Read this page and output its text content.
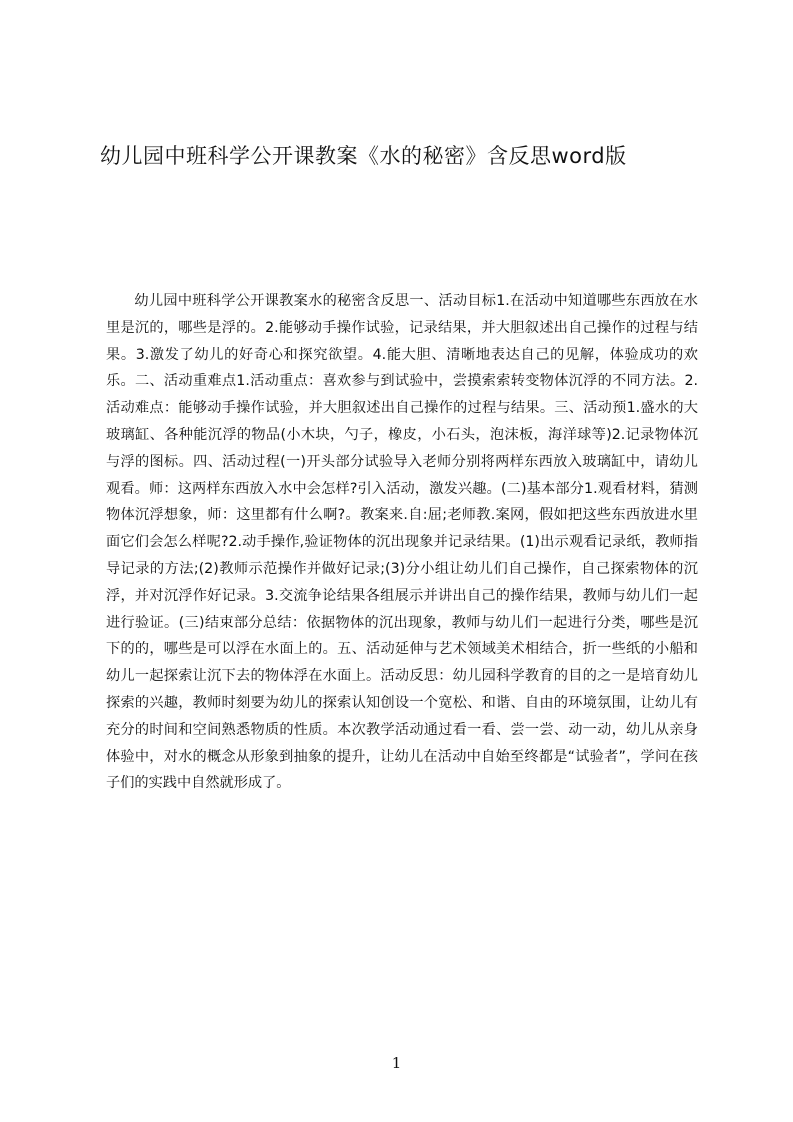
幼儿园中班科学公开课教案《水的秘密》含反思word版

幼儿园中班科学公开课教案水的秘密含反思一、活动目标1.在活动中知道哪些东西放在水里是沉的，哪些是浮的。2.能够动手操作试验，记录结果，并大胆叙述出自己操作的过程与结果。3.激发了幼儿的好奇心和探究欲望。4.能大胆、清晰地表达自己的见解，体验成功的欢乐。二、活动重难点1.活动重点：喜欢参与到试验中，尝摸索索转变物体沉浮的不同方法。2.活动难点：能够动手操作试验，并大胆叙述出自己操作的过程与结果。三、活动预1.盛水的大玻璃缸、各种能沉浮的物品(小木块，勺子，橡皮，小石头，泡沫板，海洋球等)2.记录物体沉与浮的图标。四、活动过程(一)开头部分试验导入老师分别将两样东西放入玻璃缸中，请幼儿观看。师：这两样东西放入水中会怎样?引入活动，激发兴趣。(二)基本部分1.观看材料，猜测物体沉浮想象，师：这里都有什么啊?。教案来.自:屈;老师教.案网，假如把这些东西放进水里面它们会怎么样呢?2.动手操作,验证物体的沉出现象并记录结果。(1)出示观看记录纸，教师指导记录的方法;(2)教师示范操作并做好记录;(3)分小组让幼儿们自己操作，自己探索物体的沉浮，并对沉浮作好记录。3.交流争论结果各组展示并讲出自己的操作结果，教师与幼儿们一起进行验证。(三)结束部分总结：依据物体的沉出现象，教师与幼儿们一起进行分类，哪些是沉下的的，哪些是可以浮在水面上的。五、活动延伸与艺术领域美术相结合，折一些纸的小船和幼儿一起探索让沉下去的物体浮在水面上。活动反思：幼儿园科学教育的目的之一是培育幼儿探索的兴趣，教师时刻要为幼儿的探索认知创设一个宽松、和谐、自由的环境氛围，让幼儿有充分的时间和空间熟悉物质的性质。本次教学活动通过看一看、尝一尝、动一动，幼儿从亲身体验中，对水的概念从形象到抽象的提升，让幼儿在活动中自始至终都是“试验者”，学问在孩子们的实践中自然就形成了。

1
